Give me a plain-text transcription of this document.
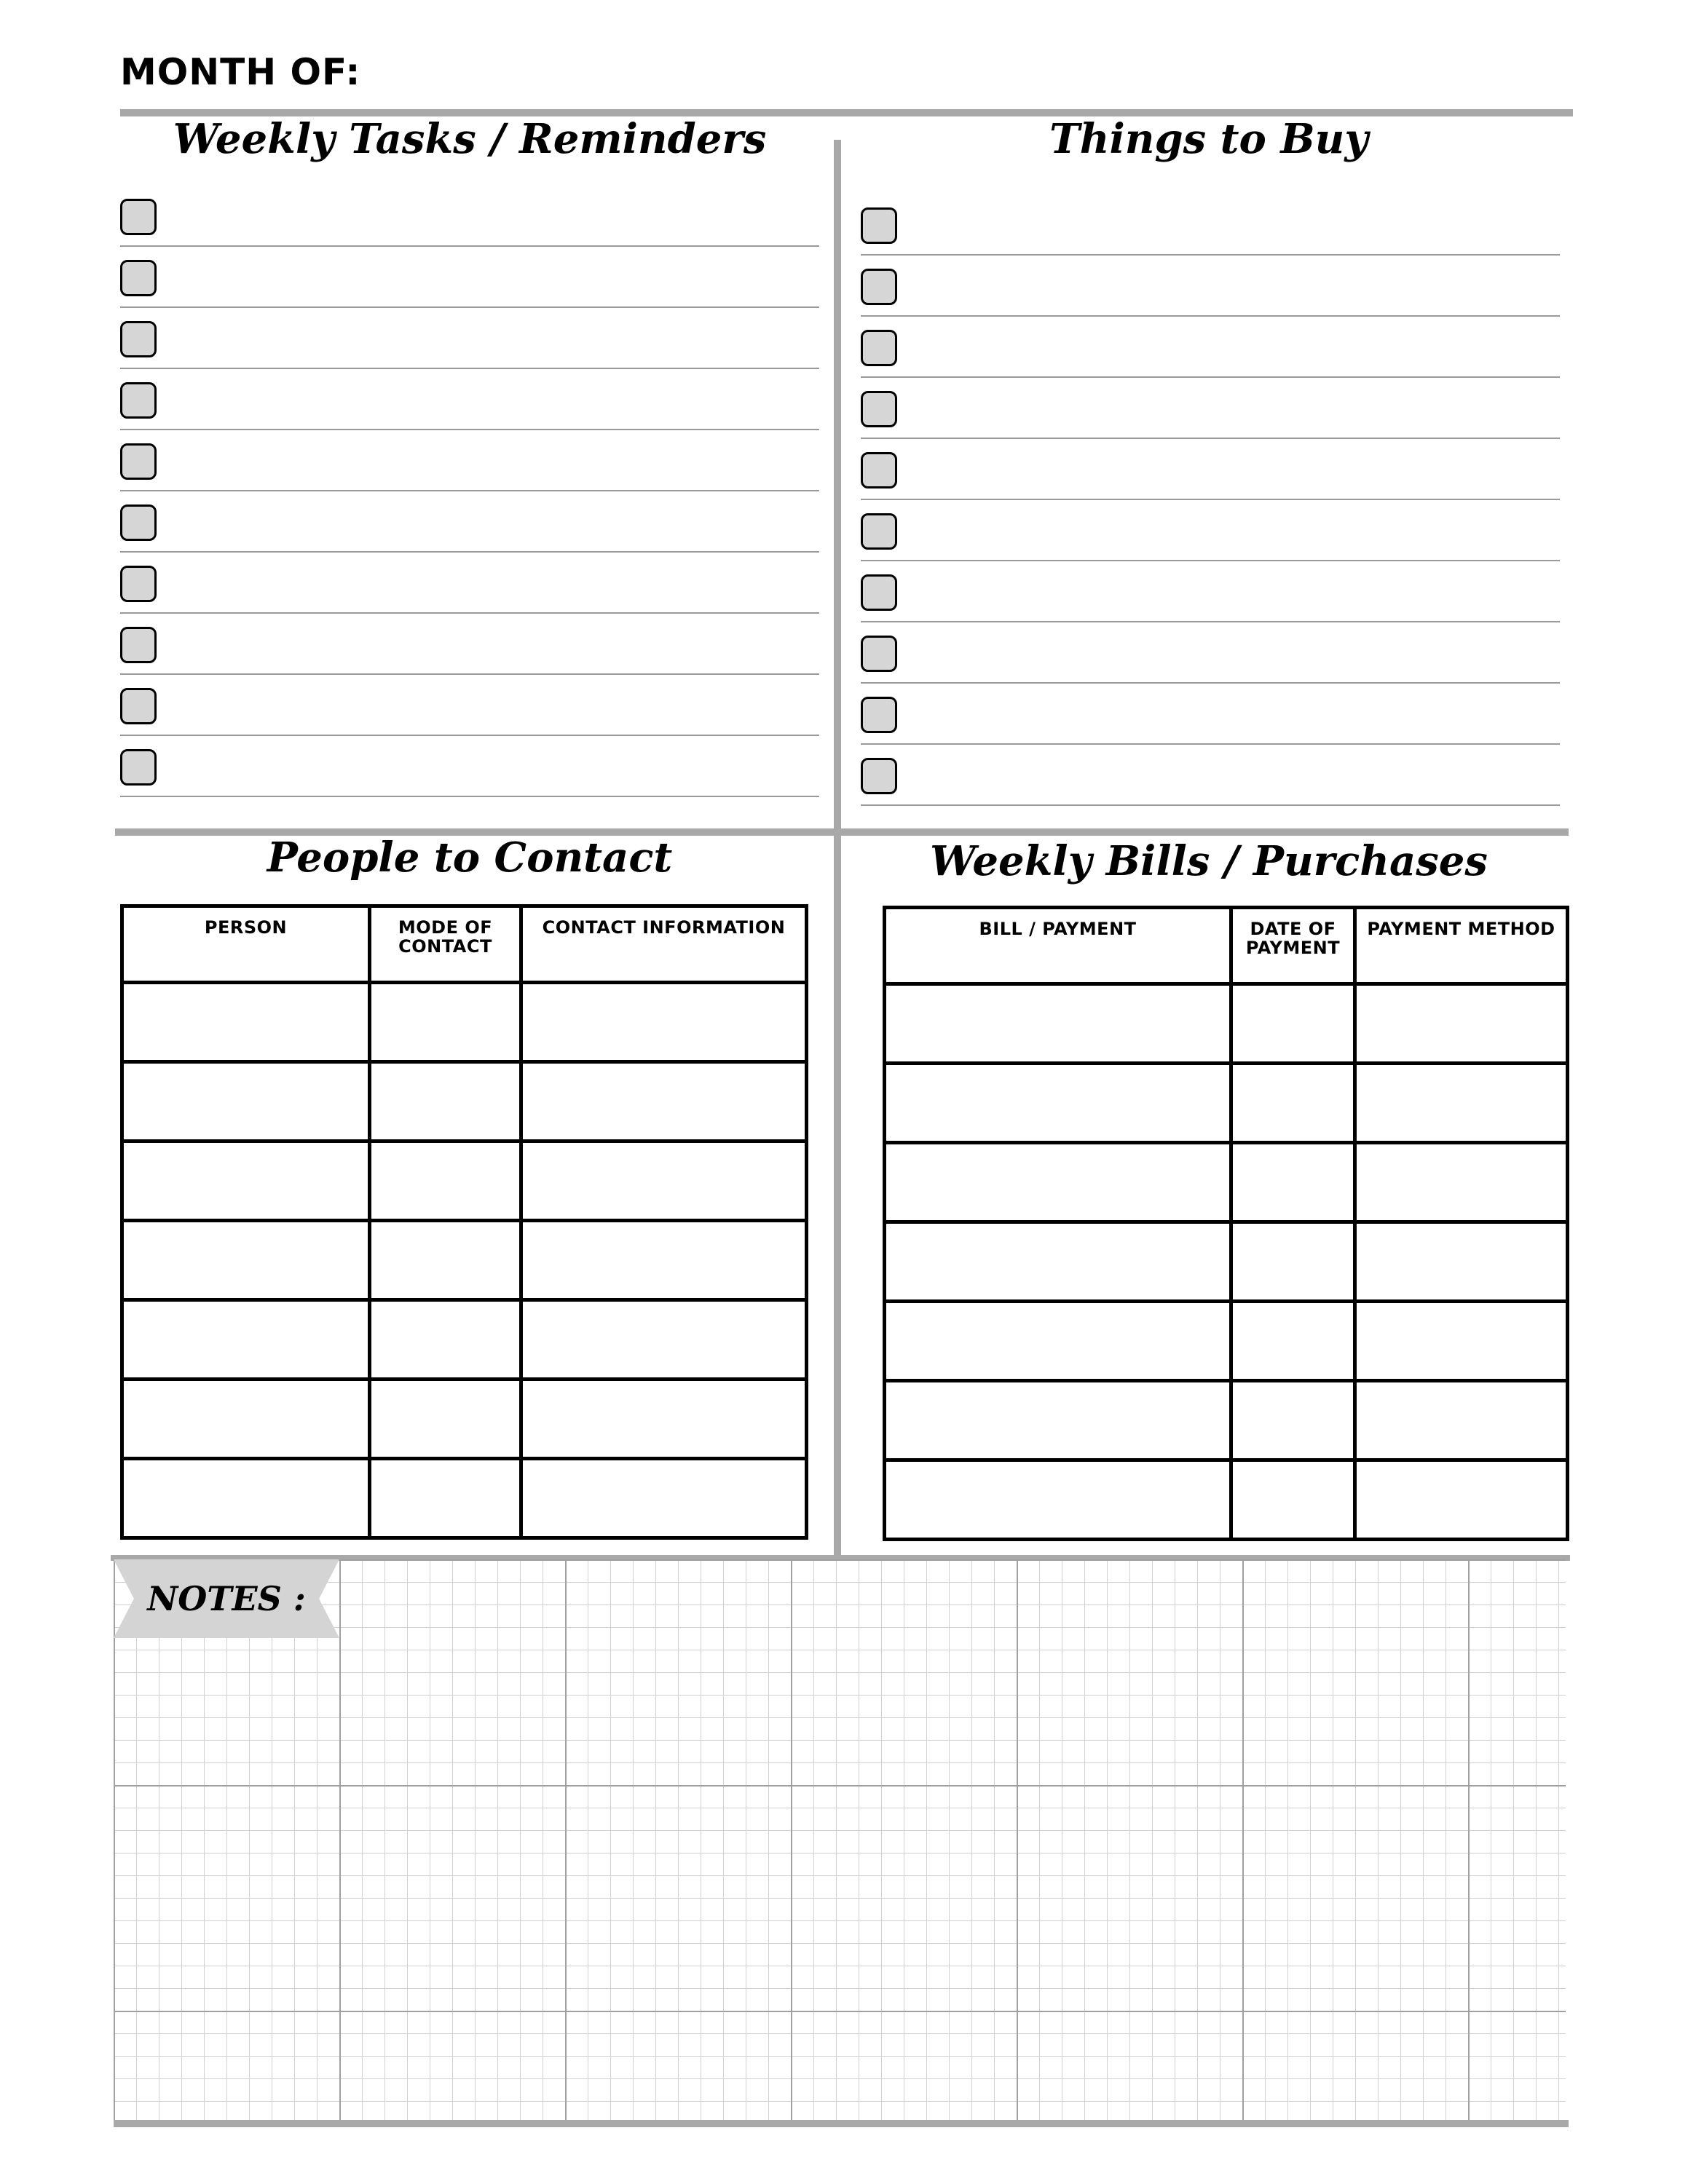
MONTH OF:
Weekly Tasks / Reminders	Things to Buy
People to Contact
PERSON	MODE OF CONTACT	CONTACT INFORMATION

Weekly Bills / Purchases
BILL / PAYMENT	DATE OF PAYMENT	PAYMENT METHOD

NOTES :
